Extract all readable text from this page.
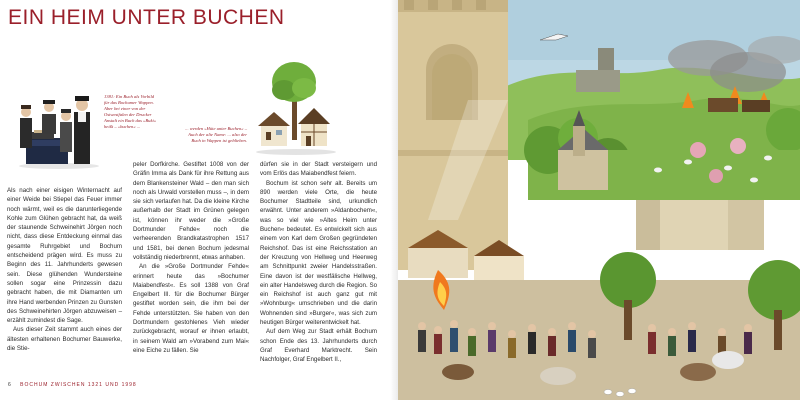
EIN HEIM UNTER BUCHEN
1381: Ein Buch als Vorbild für das Bochumer Wappen. Aber bei einer von der Ostwestfalen der Drucker Anstalt ein Buch das »Buki« heißt – »buchen« ...	... werden »Hüte unter Buchen« – Auch der alte Name: ... also der Buch in Wappen ist geblieben.

Als nach einer eisigen Winternacht auf einer Weide bei Stiepel das Feuer immer noch wärmt, weil es die darunterliegende Kohle zum Glühen gebracht hat, da weiß der staunende Schweinehirt Jörgen noch nicht, dass diese Entdeckung einmal das gesamte Ruhrgebiet und Bochum entscheidend prägen wird. Es muss zu Beginn des 11. Jahrhunderts gewesen sein. Diese glühenden Wundersteine sollen sogar eine Prinzessin dazu gebracht haben, die mit Diamanten um ihre Hand werbenden Prinzen zu Gunsten des Schweinehirten Jörgen abzuweisen – erzählt zumindest die Sage.

Aus dieser Zeit stammt auch eines der ältesten erhaltenen Bochumer Bauwerke, die Stie-

peler Dorfkirche. Gestiftet 1008 von der Gräfin Imma als Dank für ihre Rettung aus dem Blankensteiner Wald – den man sich noch als Urwald vorstellen muss –, in dem sie sich verlaufen hat. Da die kleine Kirche außerhalb der Stadt im Grünen gelegen ist, können ihr weder die »Große Dortmunder Fehde« noch die verheerenden Brandkatastrophen 1517 und 1581, bei denen Bochum jedesmal vollständig niederbrennt, etwas anhaben.

An die »Große Dortmunder Fehde« erinnert heute das »Bochumer Maiabendfest«. Es soll 1388 von Graf Engelbert III. für die Bochumer Bürger gestiftet worden sein, die ihm bei der Fehde unterstützten. Sie haben von den Dortmundern gestohlenes Vieh wieder zurückgebracht, worauf er ihnen erlaubt, in seinem Wald am »Vorabend zum Mai« eine Eiche zu fällen. Sie

dürfen sie in der Stadt versteigern und vom Erlös das Maiabendfest feiern.

Bochum ist schon sehr alt. Bereits um 890 werden viele Orte, die heute Bochumer Stadtteile sind, urkundlich erwähnt. Unter anderem »Aldanbochem«, was so viel wie »Altes Heim unter Buchen« bedeutet. Es entwickelt sich aus einem von Karl dem Großen gegründeten Reichshof. Das ist eine Reichsstation an der Kreuzung von Hellweg und Heerweg am Schnittpunkt zweier Handelsstraßen. Eine davon ist der westfälische Hellweg, ein alter Handelsweg durch die Region. So ein Reichshof ist auch ganz gut mit »Wohnburg« umschrieben und die darin Wohnenden sind »Burger«, was sich zum heutigen Bürger weiterentwickelt hat.

Auf dem Weg zur Stadt erhält Bochum schon Ende des 13. Jahrhunderts durch Graf Everhard Marktrecht. Sein Nachfolger, Graf Engelbert II.,

6 BOCHUM ZWISCHEN 1321 UND 1998
